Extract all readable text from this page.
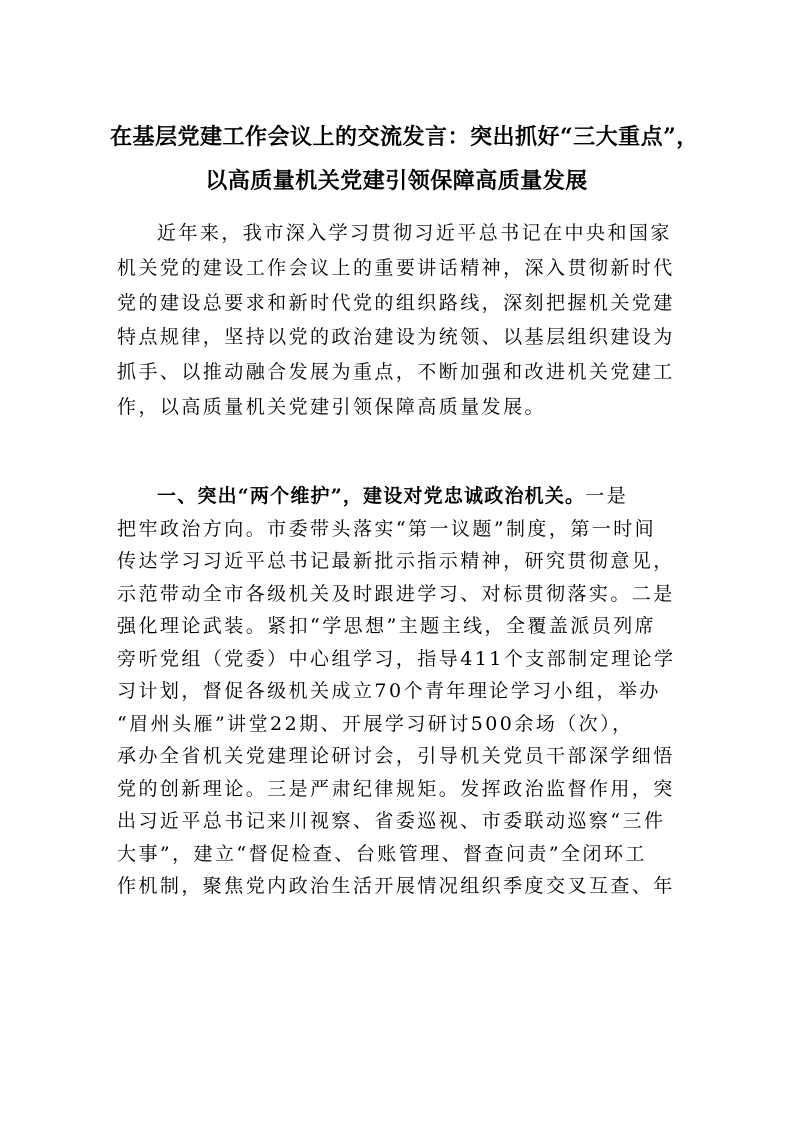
在基层党建工作会议上的交流发言：突出抓好“三大重点”，
以高质量机关党建引领保障高质量发展
近年来，我市深入学习贯彻习近平总书记在中央和国家
机关党的建设工作会议上的重要讲话精神，深入贯彻新时代
党的建设总要求和新时代党的组织路线，深刻把握机关党建
特点规律，坚持以党的政治建设为统领、以基层组织建设为
抓手、以推动融合发展为重点，不断加强和改进机关党建工
作，以高质量机关党建引领保障高质量发展。
一、突出“两个维护”，建设对党忠诚政治机关。一是
把牢政治方向。市委带头落实“第一议题”制度，第一时间
传达学习习近平总书记最新批示指示精神，研究贯彻意见，
示范带动全市各级机关及时跟进学习、对标贯彻落实。二是
强化理论武装。紧扣“学思想”主题主线，全覆盖派员列席
旁听党组（党委）中心组学习，指导411个支部制定理论学
习计划，督促各级机关成立70个青年理论学习小组，举办
“眉州头雁”讲堂22期、开展学习研讨500余场（次），
承办全省机关党建理论研讨会，引导机关党员干部深学细悟
党的创新理论。三是严肃纪律规矩。发挥政治监督作用，突
出习近平总书记来川视察、省委巡视、市委联动巡察“三件
大事”，建立“督促检查、台账管理、督查问责”全闭环工
作机制，聚焦党内政治生活开展情况组织季度交叉互查、年
